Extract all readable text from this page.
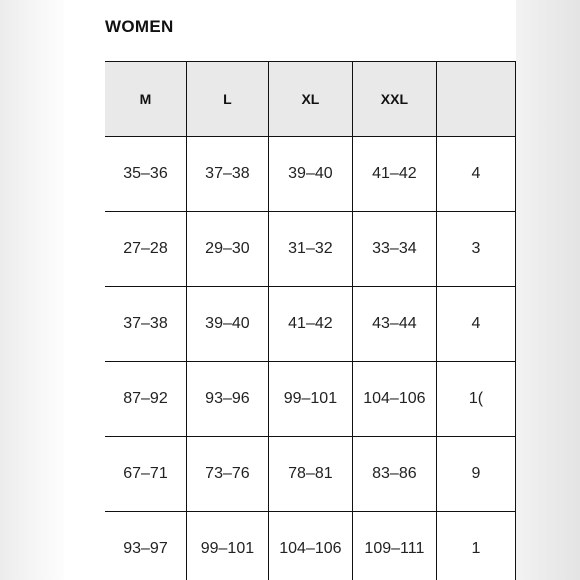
WOMEN
M	L	XL	XXL	
35–36	37–38	39–40	41–42	4
27–28	29–30	31–32	33–34	3
37–38	39–40	41–42	43–44	4
87–92	93–96	99–101	104–106	1(
67–71	73–76	78–81	83–86	9
93–97	99–101	104–106	109–111	1
